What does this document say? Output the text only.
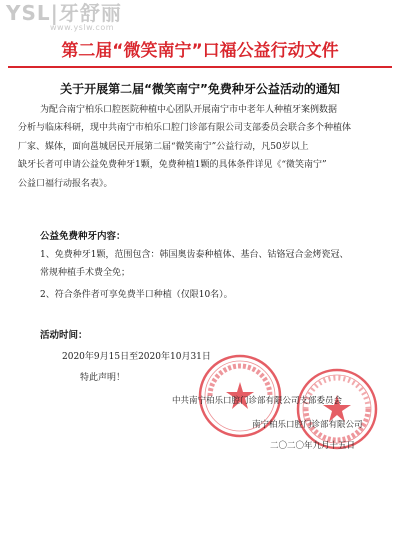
YSL|牙舒丽
www.yslw.com
第二届“微笑南宁”口福公益行动文件
关于开展第二届“微笑南宁”免费种牙公益活动的通知
为配合南宁柏乐口腔医院种植中心团队开展南宁市中老年人种植牙案例数据
分析与临床科研，现中共南宁市柏乐口腔门诊部有限公司支部委员会联合多个种植体
厂家、媒体，面向邕城居民开展第二届“微笑南宁”公益行动，凡50岁以上
缺牙长者可申请公益免费种牙1颗，免费种植1颗的具体条件详见《“微笑南宁”
公益口福行动报名表》。
公益免费种牙内容：
1、免费种牙1颗，范围包含：韩国奥齿泰种植体、基台、钴铬冠合金烤瓷冠、
常规种植手术费全免；
2、符合条件者可享免费半口种植（仅限10名）。
活动时间：
2020年9月15日至2020年10月31日
特此声明！
中共南宁柏乐口腔门诊部有限公司支部委员会
南宁柏乐口腔门诊部有限公司
二〇二〇年九月十五日
